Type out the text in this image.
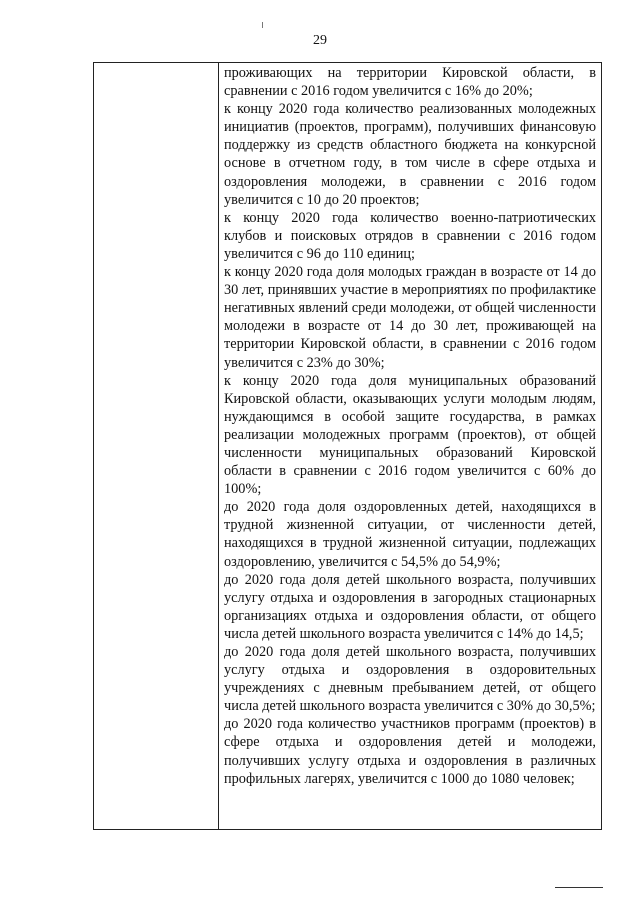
29

проживающих на территории Кировской области, в сравнении с 2016 годом увеличится с 16% до 20%;

к концу 2020 года количество реализованных молодежных инициатив (проектов, программ), получивших финансовую поддержку из средств областного бюджета на конкурсной основе в отчетном году, в том числе в сфере отдыха и оздоровления молодежи, в сравнении с 2016 годом увеличится с 10 до 20 проектов;

к концу 2020 года количество военно-патриотических клубов и поисковых отрядов в сравнении с 2016 годом увеличится с 96 до 110 единиц;

к концу 2020 года доля молодых граждан в возрасте от 14 до 30 лет, принявших участие в мероприятиях по профилактике негативных явлений среди молодежи, от общей численности молодежи в возрасте от 14 до 30 лет, проживающей на территории Кировской области, в сравнении с 2016 годом увеличится с 23% до 30%;

к концу 2020 года доля муниципальных образований Кировской области, оказывающих услуги молодым людям, нуждающимся в особой защите государства, в рамках реализации молодежных программ (проектов), от общей численности муниципальных образований Кировской области в сравнении с 2016 годом увеличится с 60% до 100%;

до 2020 года доля оздоровленных детей, находящихся в трудной жизненной ситуации, от численности детей, находящихся в трудной жизненной ситуации, подлежащих оздоровлению, увеличится с 54,5% до 54,9%;

до 2020 года доля детей школьного возраста, получивших услугу отдыха и оздоровления в загородных стационарных организациях отдыха и оздоровления области, от общего числа детей школьного возраста увеличится с 14% до 14,5;

до 2020 года доля детей школьного возраста, получивших услугу отдыха и оздоровления в оздоровительных учреждениях с дневным пребыванием детей, от общего числа детей школьного возраста увеличится с 30% до 30,5%;

до 2020 года количество участников программ (проектов) в сфере отдыха и оздоровления детей и молодежи, получивших услугу отдыха и оздоровления в различных профильных лагерях, увеличится с 1000 до 1080 человек;
